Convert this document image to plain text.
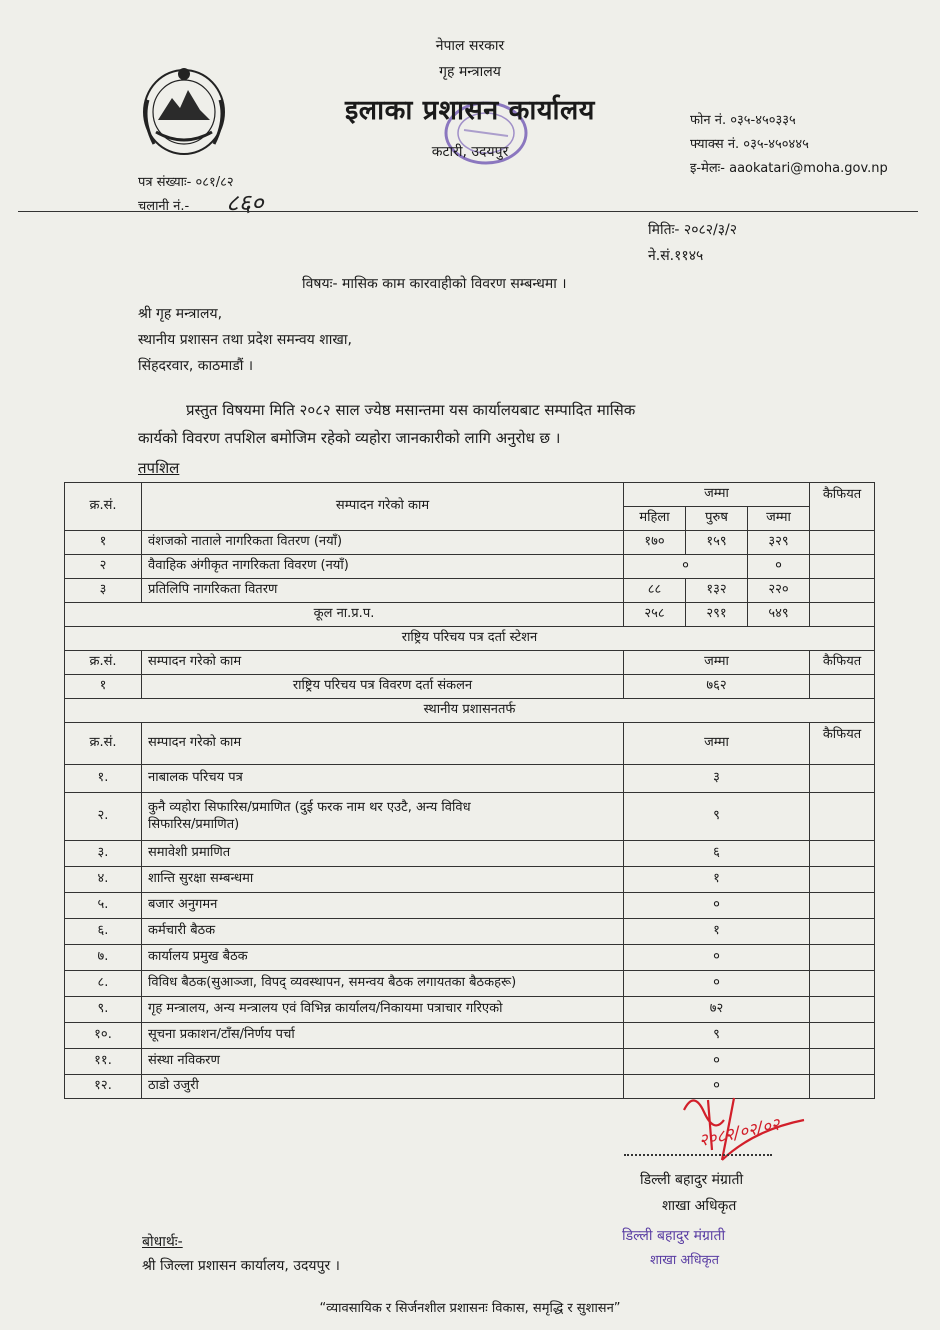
नेपाल सरकार
गृह मन्त्रालय
इलाका प्रशासन कार्यालय
कटारी, उदयपुर
फोन नं. ०३५-४५०३३५
फ्याक्स नं. ०३५-४५०४४५
इ-मेलः- aaokatari@moha.gov.np
पत्र संख्याः- ०८१/८२
चलानी नं.- ८६०
मितिः- २०८२/३/२
ने.सं.११४५
विषयः- मासिक काम कारवाहीको विवरण सम्बन्धमा ।
श्री गृह मन्त्रालय,
स्थानीय प्रशासन तथा प्रदेश समन्वय शाखा,
सिंहदरवार, काठमाडौं ।
प्रस्तुत विषयमा मिति २०८२ साल ज्येष्ठ मसान्तमा यस कार्यालयबाट सम्पादित मासिक
कार्यको विवरण तपशिल बमोजिम रहेको व्यहोरा जानकारीको लागि अनुरोध छ ।
तपशिल
क्र.सं.	सम्पादन गरेको काम	जम्मा			कैफियत
		महिला	पुरुष	जम्मा	
१	वंशजको नाताले नागरिकता वितरण (नयाँ)	१७०	१५९	३२९	
२	वैवाहिक अंगीकृत नागरिकता विवरण (नयाँ)	०		०	
३	प्रतिलिपि नागरिकता वितरण	८८	१३२	२२०	
कूल ना.प्र.प.		२५८	२९१	५४९	
राष्ट्रिय परिचय पत्र दर्ता स्टेशन					
क्र.सं.	सम्पादन गरेको काम	जम्मा			कैफियत
१	राष्ट्रिय परिचय पत्र विवरण दर्ता संकलन	७६२			
स्थानीय प्रशासनतर्फ					
क्र.सं.	सम्पादन गरेको काम	जम्मा			कैफियत
१.	नाबालक परिचय पत्र	३			
२.	कुनै व्यहोरा सिफारिस/प्रमाणित (दुई फरक नाम थर एउटै, अन्य विविध
सिफारिस/प्रमाणित)	९			
३.	समावेशी प्रमाणित	६			
४.	शान्ति सुरक्षा सम्बन्धमा	१			
५.	बजार अनुगमन	०			
६.	कर्मचारी बैठक	१			
७.	कार्यालय प्रमुख बैठक	०			
८.	विविध बैठक(सुआञ्जा, विपद् व्यवस्थापन, समन्वय बैठक लगायतका बैठकहरू)	०			
९.	गृह मन्त्रालय, अन्य मन्त्रालय एवं विभिन्न कार्यालय/निकायमा पत्राचार गरिएको	७२			
१०.	सूचना प्रकाशन/टाँस/निर्णय पर्चा	९			
११.	संस्था नविकरण	०			
१२.	ठाडो उजुरी	०			
२०८२/०२/०२
डिल्ली बहादुर मंग्राती
शाखा अधिकृत
डिल्ली बहादुर मंग्राती
शाखा अधिकृत
बोधार्थः-
श्री जिल्ला प्रशासन कार्यालय, उदयपुर ।
“व्यावसायिक र सिर्जनशील प्रशासनः विकास, समृद्धि र सुशासन”
